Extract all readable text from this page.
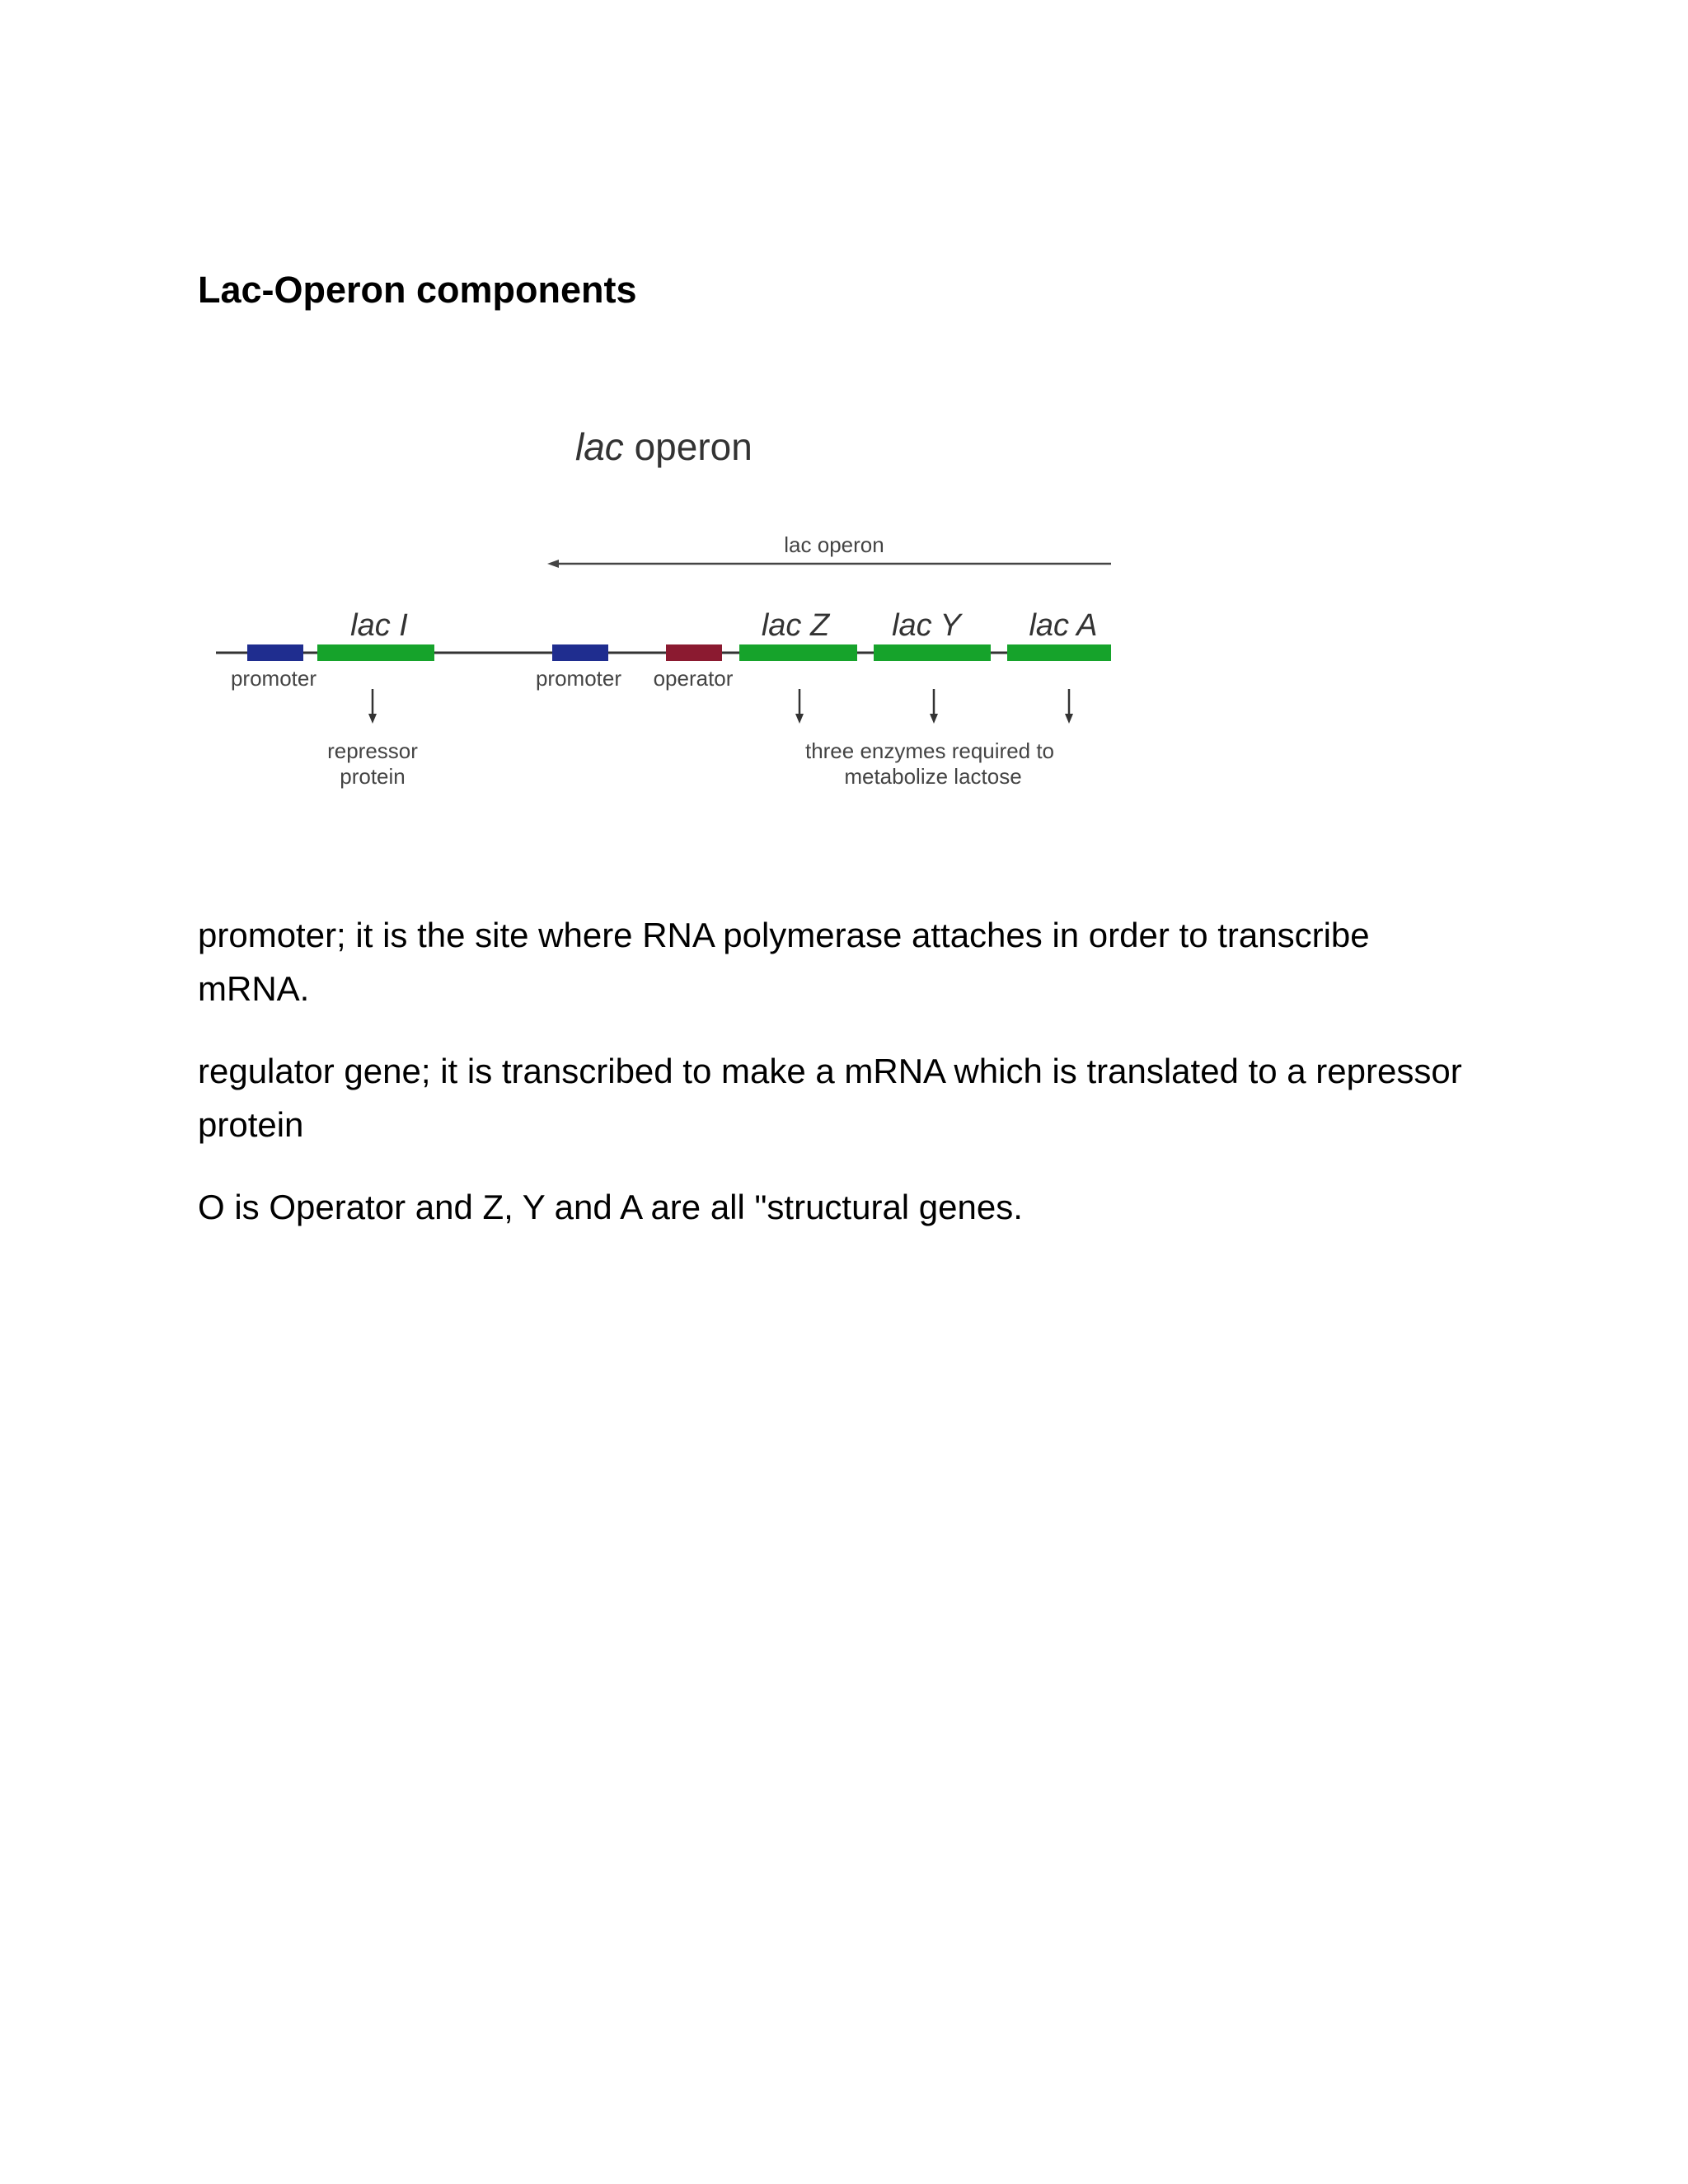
Lac-Operon components
lac operon
lac operon
lac I	lac Z lac Y lac A
promoter	promoter operator
repressor
protein
three enzymes required to
metabolize lactose

promoter; it is the site where RNA polymerase attaches in order to transcribe mRNA.

regulator gene; it is transcribed to make a mRNA which is translated to a repressor protein

O is Operator and Z, Y and A are all "structural genes.
